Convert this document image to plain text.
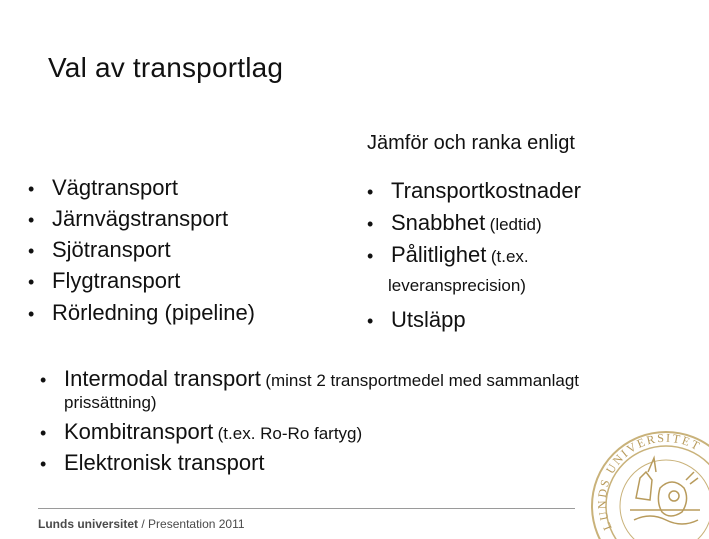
Val av transportlag
• Vägtransport
• Järnvägstransport
• Sjötransport
• Flygtransport
• Rörledning (pipeline)
Jämför och ranka enligt
• Transportkostnader
• Snabbhet
(ledtid)
• Pålitlighet
(t.ex.
leveransprecision)
• Utsläpp
• Intermodal transport
(minst 2 transportmedel med sammanlagt
prissättning)
• Kombitransport
(t.ex. Ro-Ro fartyg)
• Elektronisk transport
Lunds universitet / Presentation 2011	LUNDS UNIVERSITET
